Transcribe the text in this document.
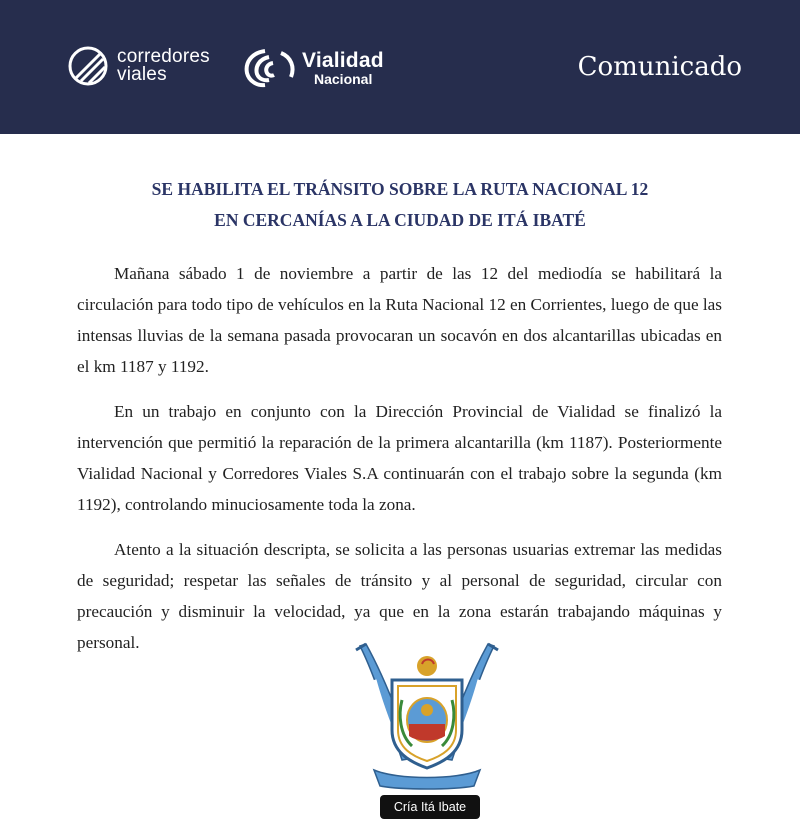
corredores
viales
Vialidad
Nacional	Comunicado
SE HABILITA EL TRÁNSITO SOBRE LA RUTA NACIONAL 12
EN CERCANÍAS A LA CIUDAD DE ITÁ IBATÉ

Mañana sábado 1 de noviembre a partir de las 12 del mediodía se habilitará la circulación para todo tipo de vehículos en la Ruta Nacional 12 en Corrientes, luego de que las intensas lluvias de la semana pasada provocaran un socavón en dos alcantarillas ubicadas en el km 1187 y 1192.

En un trabajo en conjunto con la Dirección Provincial de Vialidad se finalizó la intervención que permitió la reparación de la primera alcantarilla (km 1187). Posteriormente Vialidad Nacional y Corredores Viales S.A continuarán con el trabajo sobre la segunda (km 1192), controlando minuciosamente toda la zona.

Atento a la situación descripta, se solicita a las personas usuarias extremar las medidas de seguridad; respetar las señales de tránsito y al personal de seguridad, circular con precaución y disminuir la velocidad, ya que en la zona estarán trabajando máquinas y personal.

Cría Itá Ibate
